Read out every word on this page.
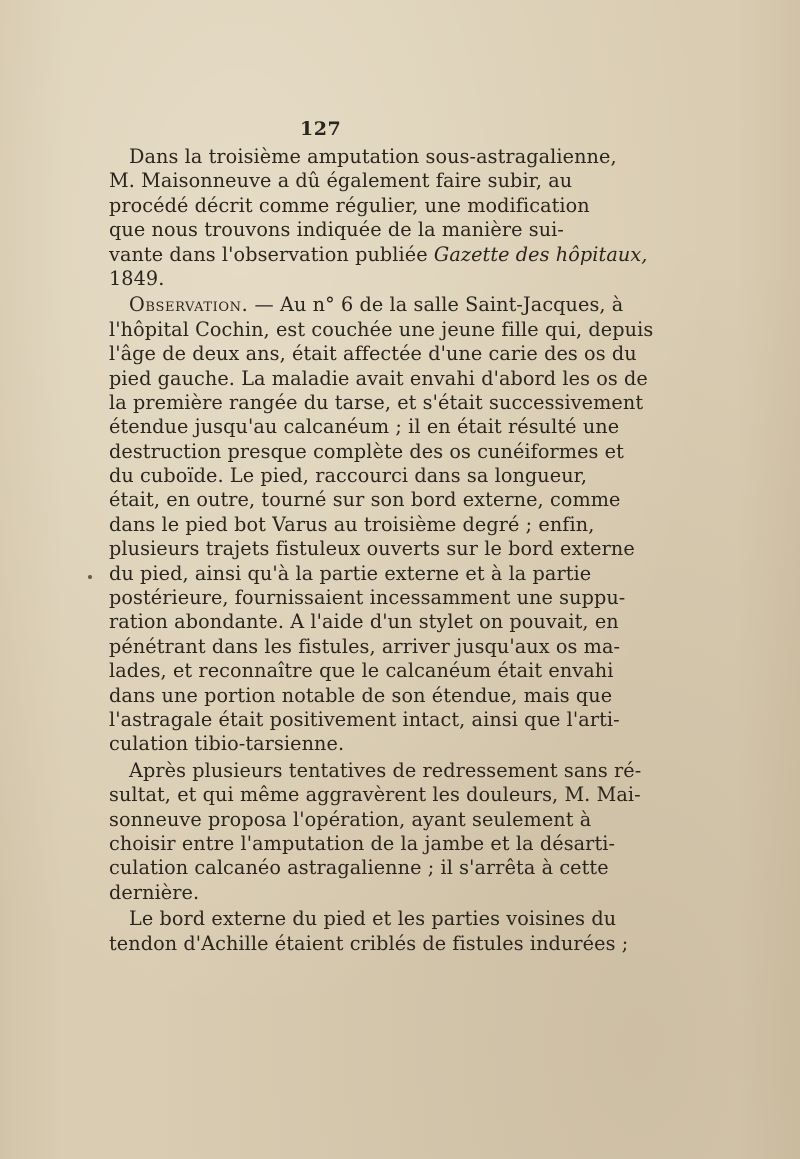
127
Dans la troisième amputation sous-astragalienne,
M. Maisonneuve a dû également faire subir, au
procédé décrit comme régulier, une modification
que nous trouvons indiquée de la manière sui-
vante dans l'observation publiée Gazette des hôpitaux,
1849.
Observation. — Au n° 6 de la salle Saint-Jacques, à
l'hôpital Cochin, est couchée une jeune fille qui, depuis
l'âge de deux ans, était affectée d'une carie des os du
pied gauche. La maladie avait envahi d'abord les os de
la première rangée du tarse, et s'était successivement
étendue jusqu'au calcanéum ; il en était résulté une
destruction presque complète des os cunéiformes et
du cuboïde. Le pied, raccourci dans sa longueur,
était, en outre, tourné sur son bord externe, comme
dans le pied bot Varus au troisième degré ; enfin,
plusieurs trajets fistuleux ouverts sur le bord externe
du pied, ainsi qu'à la partie externe et à la partie
postérieure, fournissaient incessamment une suppu-
ration abondante. A l'aide d'un stylet on pouvait, en
pénétrant dans les fistules, arriver jusqu'aux os ma-
lades, et reconnaître que le calcanéum était envahi
dans une portion notable de son étendue, mais que
l'astragale était positivement intact, ainsi que l'arti-
culation tibio-tarsienne.
Après plusieurs tentatives de redressement sans ré-
sultat, et qui même aggravèrent les douleurs, M. Mai-
sonneuve proposa l'opération, ayant seulement à
choisir entre l'amputation de la jambe et la désarti-
culation calcanéo astragalienne ; il s'arrêta à cette
dernière.
Le bord externe du pied et les parties voisines du
tendon d'Achille étaient criblés de fistules indurées ;
